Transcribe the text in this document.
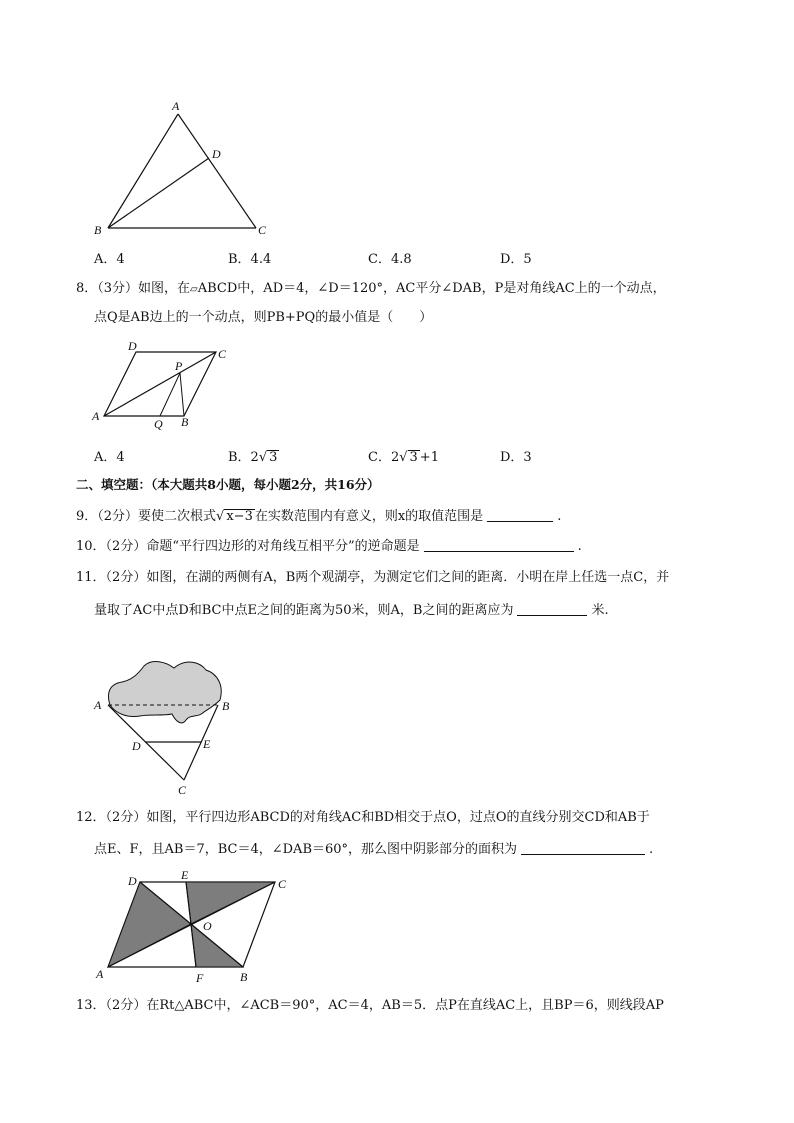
A
D
B	C
A．4	B．4.4	C．4.8	D．5
8．（3分）如图，在▱ABCD中，AD＝4，∠D＝120°，AC平分∠DAB，P是对角线AC上的一个动点，
点Q是AB边上的一个动点，则PB+PQ的最小值是（　　）
D
C
P
A
Q B
A．4	B．2√ 3	C．2√ 3 +1	D．3
二、填空题：（本大题共8小题，每小题2分，共16分）
9．（2分）要使二次根式√ x−3 在实数范围内有意义，则x的取值范围是	.
10．（2分）命题“平行四边形的对角线互相平分”的逆命题是	.
11．（2分）如图，在湖的两侧有A，B两个观湖亭，为测定它们之间的距离．小明在岸上任选一点C，并
量取了AC中点D和BC中点E之间的距离为50米，则A，B之间的距离应为	米.
A	B
D	E
C
12．（2分）如图，平行四边形ABCD的对角线AC和BD相交于点O，过点O的直线分别交CD和AB于
点E、F，且AB＝7，BC＝4，∠DAB＝60°，那么图中阴影部分的面积为	.
D	E
C
O
A	F	B
13．（2分）在Rt△ABC中，∠ACB＝90°，AC＝4，AB＝5．点P在直线AC上，且BP＝6，则线段AP
